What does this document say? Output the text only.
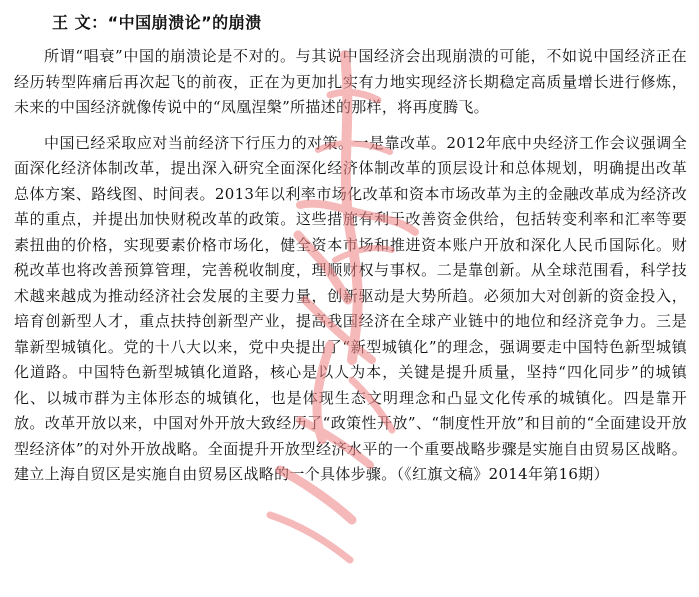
王 文：“中国崩溃论”的崩溃

所谓“唱衰”中国的崩溃论是不对的。与其说中国经济会出现崩溃的可能，不如说中国经济正在经历转型阵痛后再次起飞的前夜，正在为更加扎实有力地实现经济长期稳定高质量增长进行修炼，未来的中国经济就像传说中的“凤凰涅槃”所描述的那样，将再度腾飞。

中国已经采取应对当前经济下行压力的对策。一是靠改革。2012年底中央经济工作会议强调全面深化经济体制改革，提出深入研究全面深化经济体制改革的顶层设计和总体规划，明确提出改革总体方案、路线图、时间表。2013年以利率市场化改革和资本市场改革为主的金融改革成为经济改革的重点，并提出加快财税改革的政策。这些措施有利于改善资金供给，包括转变利率和汇率等要素扭曲的价格，实现要素价格市场化，健全资本市场和推进资本账户开放和深化人民币国际化。财税改革也将改善预算管理，完善税收制度，理顺财权与事权。二是靠创新。从全球范围看，科学技术越来越成为推动经济社会发展的主要力量，创新驱动是大势所趋。必须加大对创新的资金投入，培育创新型人才，重点扶持创新型产业，提高我国经济在全球产业链中的地位和经济竞争力。三是靠新型城镇化。党的十八大以来，党中央提出了“新型城镇化”的理念，强调要走中国特色新型城镇化道路。中国特色新型城镇化道路，核心是以人为本，关键是提升质量，坚持“四化同步”的城镇化、以城市群为主体形态的城镇化，也是体现生态文明理念和凸显文化传承的城镇化。四是靠开放。改革开放以来，中国对外开放大致经历了“政策性开放”、“制度性开放”和目前的“全面建设开放型经济体”的对外开放战略。全面提升开放型经济水平的一个重要战略步骤是实施自由贸易区战略。建立上海自贸区是实施自由贸易区战略的一个具体步骤。（《红旗文稿》2014年第16期）
